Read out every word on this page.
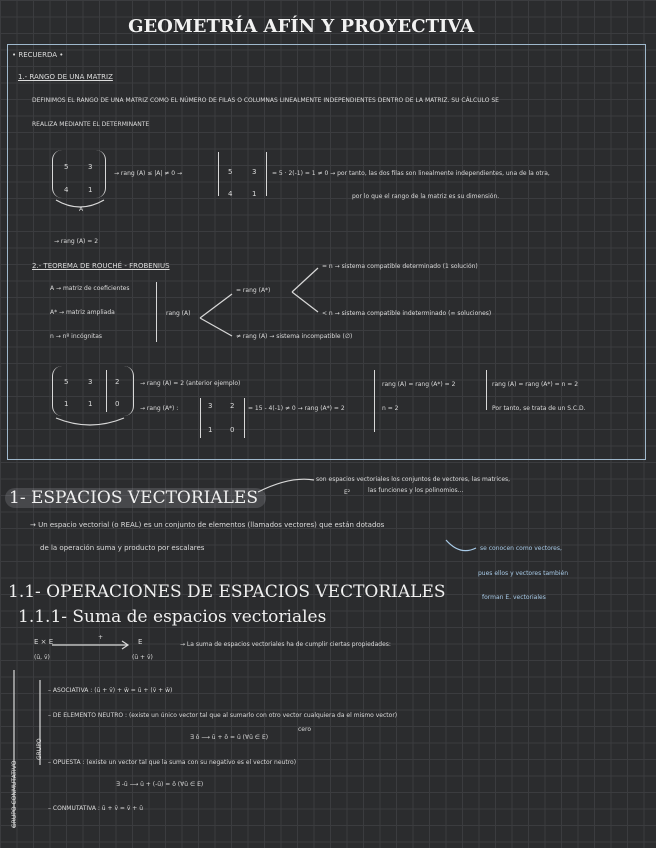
GEOMETRÍA AFÍN Y PROYECTIVA
• RECUERDA •
1.- RANGO DE UNA MATRIZ
DEFINIMOS EL RANGO DE UNA MATRIZ COMO EL NÚMERO DE FILAS O COLUMNAS LINEALMENTE INDEPENDIENTES DENTRO DE LA MATRIZ. SU CÁLCULO SE
REALIZA MEDIANTE EL DETERMINANTE
5	3
4	1
A
→ rang (A) ≤ |A| ≠ 0 →	5	3
4	1
= 5 · 2(-1) = 1 ≠ 0 → por tanto, las dos filas son linealmente independientes, una de la otra,
por lo que el rango de la matriz es su dimensión.
→ rang (A) = 2
2.- TEOREMA DE ROUCHÉ - FROBENIUS
A → matriz de coeficientes
A* → matriz ampliada
n → nº incógnitas
rang (A)
= rang (A*)
≠ rang (A) → sistema incompatible (∅)
= n → sistema compatible determinado (1 solución)
< n → sistema compatible indeterminado (∞ soluciones)
5	3	2
1	1	0
→ rang (A) = 2 (anterior ejemplo)
→ rang (A*) :	3	2
1	0
= 15 - 4(-1) ≠ 0 → rang (A*) = 2
rang (A) = rang (A*) = 2
n = 2
rang (A) = rang (A*) = n = 2
Por tanto, se trata de un S.C.D.
1- ESPACIOS VECTORIALES
son espacios vectoriales los conjuntos de vectores, las matrices,
las funciones y los polinomios...
E²
→ Un espacio vectorial (o REAL) es un conjunto de elementos (llamados vectores) que están dotados
de la operación suma y producto por escalares	se conocen como vectores,
pues ellos y vectores también
forman E. vectoriales
1.1- OPERACIONES DE ESPACIOS VECTORIALES
1.1.1- Suma de espacios vectoriales
E × E
(ū, v̄)
+
E
(ū + v̄)
→ La suma de espacios vectoriales ha de cumplir ciertas propiedades:
GRUPO CONMUTATIVO
GRUPO
– ASOCIATIVA : (ū + v̄) + w̄ = ū + (v̄ + w̄)
– DE ELEMENTO NEUTRO : (existe un único vector tal que al sumarlo con otro vector cualquiera da el mismo vector)
∃ ō ⟶ ū + ō = ū (∀ū ∈ E)
cero
– OPUESTA : (existe un vector tal que la suma con su negativo es el vector neutro)
∃ -ū ⟶ ū + (-ū) = ō (∀ū ∈ E)
– CONMUTATIVA : ū + v̄ = v̄ + ū
